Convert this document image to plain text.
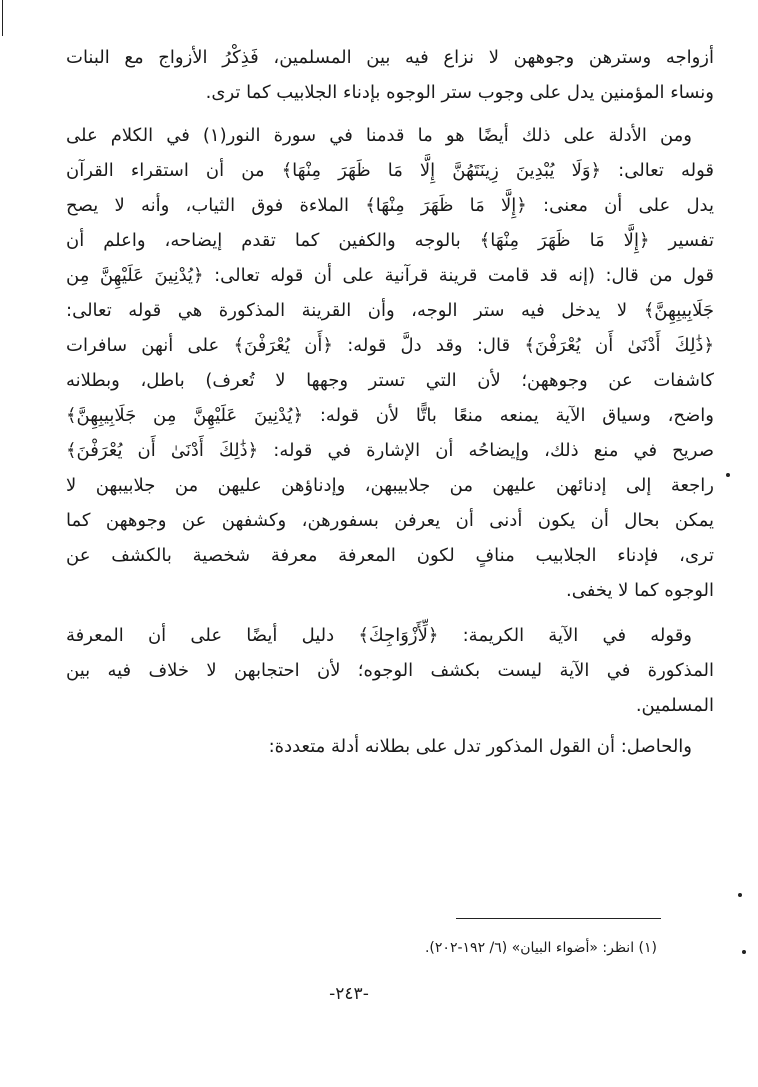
أزواجه وسترهن وجوههن لا نزاع فيه بين المسلمين، فَذِكْرُ الأزواج مع البنات
ونساء المؤمنين يدل على وجوب ستر الوجوه بإدناء الجلابيب كما ترى.
ومن الأدلة على ذلك أيضًا هو ما قدمنا في سورة النور(١) في الكلام على
قوله تعالى: ﴿وَلَا يُبْدِينَ زِينَتَهُنَّ إِلَّا مَا ظَهَرَ مِنْهَا﴾ من أن استقراء القرآن
يدل على أن معنى: ﴿إِلَّا مَا ظَهَرَ مِنْهَا﴾ الملاءة فوق الثياب، وأنه لا يصح
تفسير ﴿إِلَّا مَا ظَهَرَ مِنْهَا﴾ بالوجه والكفين كما تقدم إيضاحه، واعلم أن
قول من قال: (إنه قد قامت قرينة قرآنية على أن قوله تعالى: ﴿يُدْنِينَ عَلَيْهِنَّ مِن
جَلَابِيبِهِنَّ﴾ لا يدخل فيه ستر الوجه، وأن القرينة المذكورة هي قوله تعالى:
﴿ذَٰلِكَ أَدْنَىٰ أَن يُعْرَفْنَ﴾ قال: وقد دلَّ قوله: ﴿أَن يُعْرَفْنَ﴾ على أنهن سافرات
كاشفات عن وجوههن؛ لأن التي تستر وجهها لا تُعرف) باطل، وبطلانه
واضح، وسياق الآية يمنعه منعًا باتًّا لأن قوله: ﴿يُدْنِينَ عَلَيْهِنَّ مِن جَلَابِيبِهِنَّ﴾
صريح في منع ذلك، وإيضاحُه أن الإشارة في قوله: ﴿ذَٰلِكَ أَدْنَىٰ أَن يُعْرَفْنَ﴾
راجعة إلى إدنائهن عليهن من جلابيبهن، وإدناؤهن عليهن من جلابيبهن لا
يمكن بحال أن يكون أدنى أن يعرفن بسفورهن، وكشفهن عن وجوههن كما
ترى، فإدناء الجلابيب منافٍ لكون المعرفة معرفة شخصية بالكشف عن
الوجوه كما لا يخفى.
وقوله في الآية الكريمة: ﴿لِّأَزْوَاجِكَ﴾ دليل أيضًا على أن المعرفة
المذكورة في الآية ليست بكشف الوجوه؛ لأن احتجابهن لا خلاف فيه بين
المسلمين.
والحاصل: أن القول المذكور تدل على بطلانه أدلة متعددة:
(١) انظر: «أضواء البيان» (٦/ ١٩٢-٢٠٢).
-٢٤٣-
